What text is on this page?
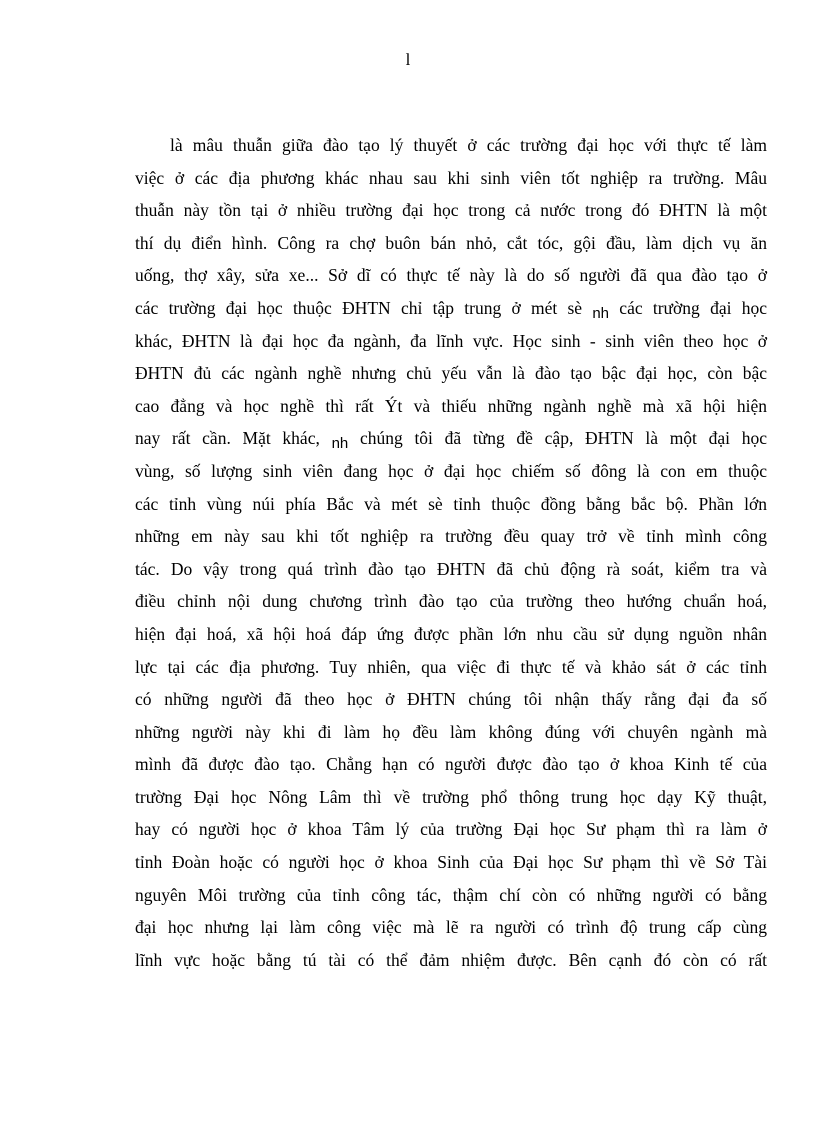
l
là mâu thuẫn giữa đào tạo lý thuyết ở các trường đại học với thực tế làm
việc ở các địa phương khác nhau sau khi sinh viên tốt nghiệp ra trường. Mâu
thuẫn này tồn tại ở nhiều trường đại học trong cả nước trong đó ĐHTN là một
thí dụ điển hình. Công ra chợ buôn bán nhỏ, cắt tóc, gội đầu, làm dịch vụ ăn
uống, thợ xây, sửa xe... Sở dĩ có thực tế này là do số người đã qua đào tạo ở
các trường đại học thuộc ĐHTN chỉ tập trung ở mét sè nh các trường đại học
khác, ĐHTN là đại học đa ngành, đa lĩnh vực. Học sinh - sinh viên theo học ở
ĐHTN đủ các ngành nghề nhưng chủ yếu vẫn là đào tạo bậc đại học, còn bậc
cao đẳng và học nghề thì rất Ýt và thiếu những ngành nghề mà xã hội hiện
nay rất cần. Mặt khác, nh chúng tôi đã từng đề cập, ĐHTN là một đại học
vùng, số lượng sinh viên đang học ở đại học chiếm số đông là con em thuộc
các tỉnh vùng núi phía Bắc và mét sè tỉnh thuộc đồng bằng bắc bộ. Phần lớn
những em này sau khi tốt nghiệp ra trường đều quay trở về tỉnh mình công
tác. Do vậy trong quá trình đào tạo ĐHTN đã chủ động rà soát, kiểm tra và
điều chỉnh nội dung chương trình đào tạo của trường theo hướng chuẩn hoá,
hiện đại hoá, xã hội hoá đáp ứng được phần lớn nhu cầu sử dụng nguồn nhân
lực tại các địa phương. Tuy nhiên, qua việc đi thực tế và khảo sát ở các tỉnh
có những người đã theo học ở ĐHTN chúng tôi nhận thấy rằng đại đa số
những người này khi đi làm họ đều làm không đúng với chuyên ngành mà
mình đã được đào tạo. Chẳng hạn có người được đào tạo ở khoa Kinh tế của
trường Đại học Nông Lâm thì về trường phổ thông trung học dạy Kỹ thuật,
hay có người học ở khoa Tâm lý của trường Đại học Sư phạm thì ra làm ở
tỉnh Đoàn hoặc có người học ở khoa Sinh của Đại học Sư phạm thì về Sở Tài
nguyên Môi trường của tỉnh công tác, thậm chí còn có những người có bằng
đại học nhưng lại làm công việc mà lẽ ra người có trình độ trung cấp cùng
lĩnh vực hoặc bằng tú tài có thể đảm nhiệm được. Bên cạnh đó còn có rất
